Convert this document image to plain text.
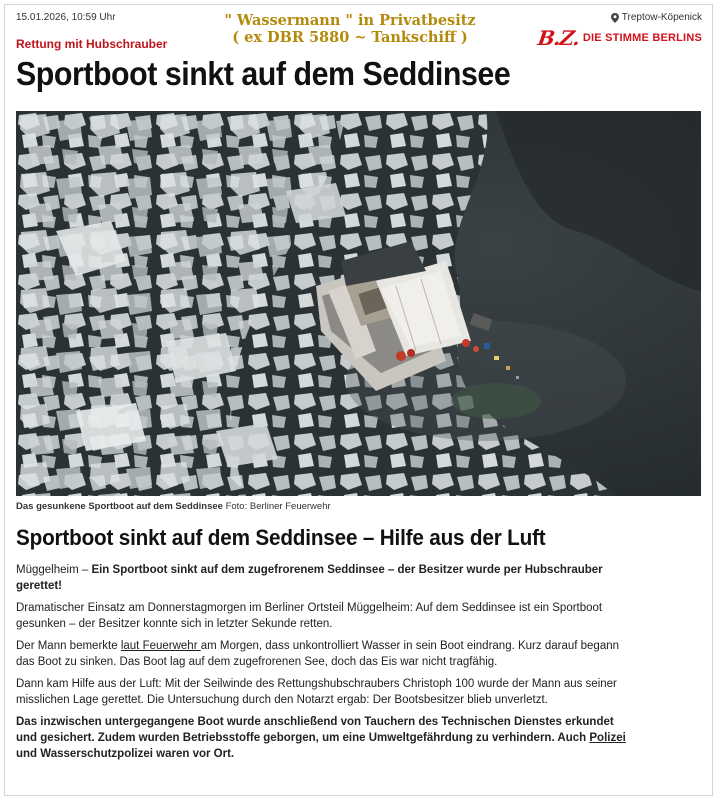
15.01.2026, 10:59 Uhr	" Wassermann " in Privatbesitz
( ex DBR 5880 ~ Tankschiff )
Treptow-Köpenick
B.Z. DIE STIMME BERLINS
Rettung mit Hubschrauber
Sportboot sinkt auf dem Seddinsee
Das gesunkene Sportboot auf dem Seddinsee Foto: Berliner Feuerwehr
Sportboot sinkt auf dem Seddinsee – Hilfe aus der Luft

Müggelheim – Ein Sportboot sinkt auf dem zugefrorenem Seddinsee – der Besitzer wurde per Hubschrauber gerettet!

Dramatischer Einsatz am Donnerstagmorgen im Berliner Ortsteil Müggelheim: Auf dem Seddinsee ist ein Sportboot gesunken – der Besitzer konnte sich in letzter Sekunde retten.

Der Mann bemerkte laut Feuerwehr am Morgen, dass unkontrolliert Wasser in sein Boot eindrang. Kurz darauf begann das Boot zu sinken. Das Boot lag auf dem zugefrorenen See, doch das Eis war nicht tragfähig.

Dann kam Hilfe aus der Luft: Mit der Seilwinde des Rettungshubschraubers Christoph 100 wurde der Mann aus seiner misslichen Lage gerettet. Die Untersuchung durch den Notarzt ergab: Der Bootsbesitzer blieb unverletzt.

Das inzwischen untergegangene Boot wurde anschließend von Tauchern des Technischen Dienstes erkundet und gesichert. Zudem wurden Betriebsstoffe geborgen, um eine Umweltgefährdung zu verhindern. Auch Polizei und Wasserschutzpolizei waren vor Ort.
